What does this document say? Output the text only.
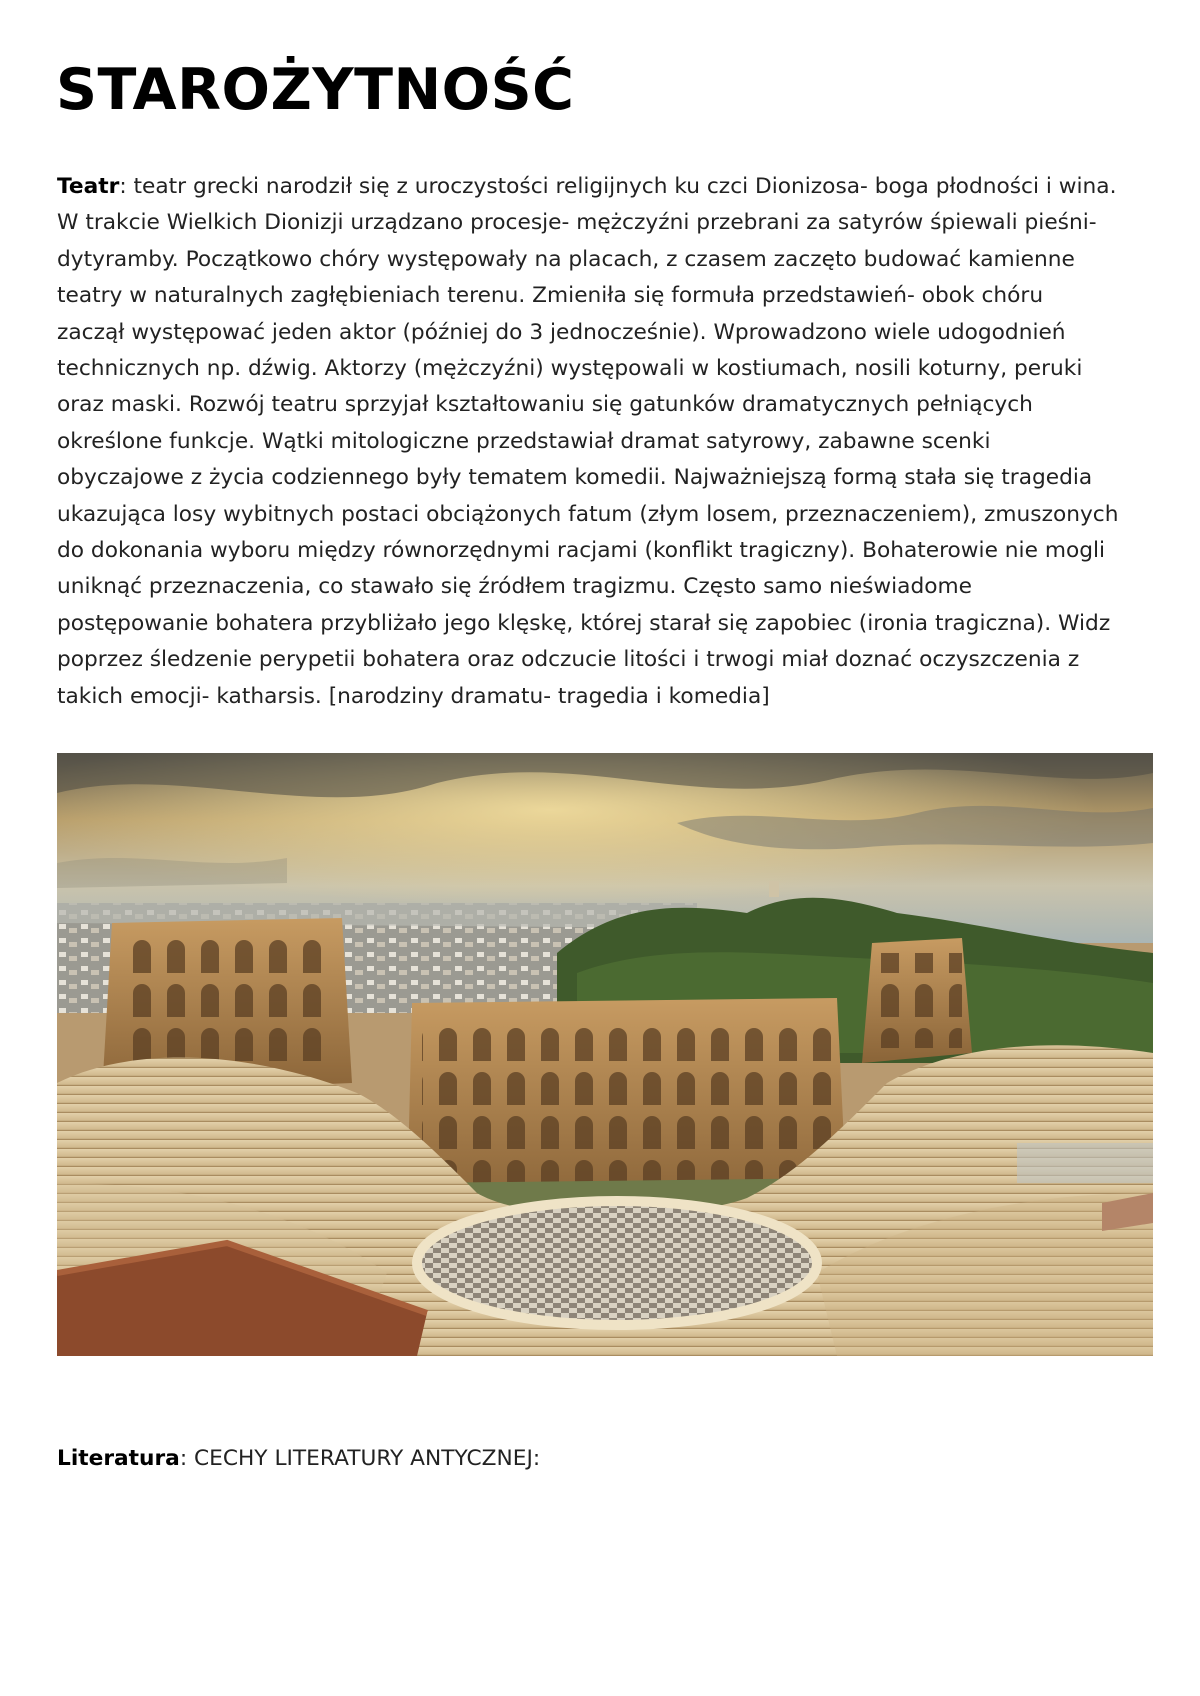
STAROŻYTNOŚĆ
Teatr: teatr grecki narodził się z uroczystości religijnych ku czci Dionizosa- boga płodności i wina.
W trakcie Wielkich Dionizji urządzano procesje- mężczyźni przebrani za satyrów śpiewali pieśni-
dytyramby. Początkowo chóry występowały na placach, z czasem zaczęto budować kamienne
teatry w naturalnych zagłębieniach terenu. Zmieniła się formuła przedstawień- obok chóru
zaczął występować jeden aktor (później do 3 jednocześnie). Wprowadzono wiele udogodnień
technicznych np. dźwig. Aktorzy (mężczyźni) występowali w kostiumach, nosili koturny, peruki
oraz maski. Rozwój teatru sprzyjał kształtowaniu się gatunków dramatycznych pełniących
określone funkcje. Wątki mitologiczne przedstawiał dramat satyrowy, zabawne scenki
obyczajowe z życia codziennego były tematem komedii. Najważniejszą formą stała się tragedia
ukazująca losy wybitnych postaci obciążonych fatum (złym losem, przeznaczeniem), zmuszonych
do dokonania wyboru między równorzędnymi racjami (konflikt tragiczny). Bohaterowie nie mogli
uniknąć przeznaczenia, co stawało się źródłem tragizmu. Często samo nieświadome
postępowanie bohatera przybliżało jego klęskę, której starał się zapobiec (ironia tragiczna). Widz
poprzez śledzenie perypetii bohatera oraz odczucie litości i trwogi miał doznać oczyszczenia z
takich emocji- katharsis. [narodziny dramatu- tragedia i komedia]

Literatura: CECHY LITERATURY ANTYCZNEJ:
